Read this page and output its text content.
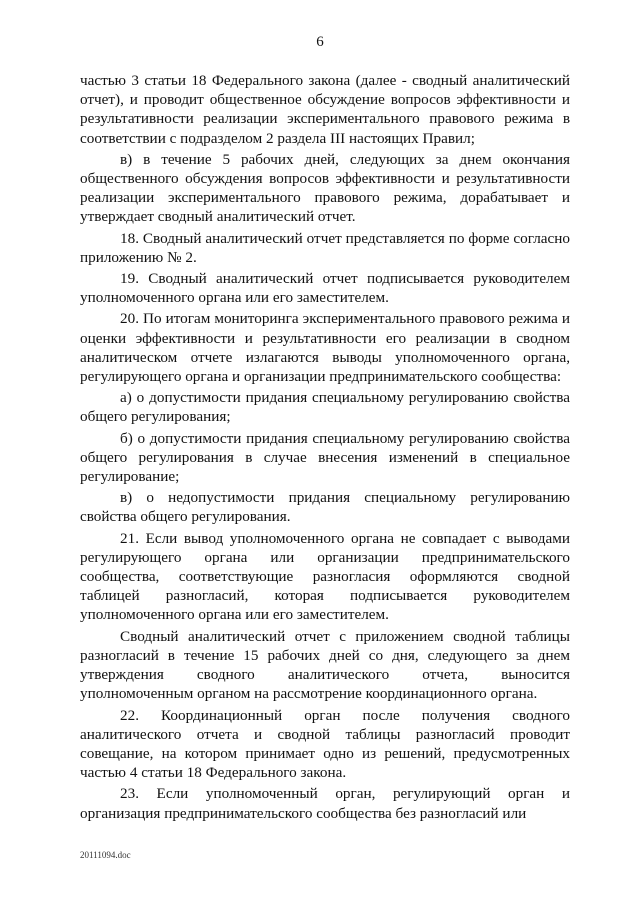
6

частью 3 статьи 18 Федерального закона (далее - сводный аналитический отчет), и проводит общественное обсуждение вопросов эффективности и результативности реализации экспериментального правового режима в соответствии с подразделом 2 раздела III настоящих Правил;

в) в течение 5 рабочих дней, следующих за днем окончания общественного обсуждения вопросов эффективности и результативности реализации экспериментального правового режима, дорабатывает и утверждает сводный аналитический отчет.

18. Сводный аналитический отчет представляется по форме согласно приложению № 2.

19. Сводный аналитический отчет подписывается руководителем уполномоченного органа или его заместителем.

20. По итогам мониторинга экспериментального правового режима и оценки эффективности и результативности его реализации в сводном аналитическом отчете излагаются выводы уполномоченного органа, регулирующего органа и организации предпринимательского сообщества:

а) о допустимости придания специальному регулированию свойства общего регулирования;

б) о допустимости придания специальному регулированию свойства общего регулирования в случае внесения изменений в специальное регулирование;

в) о недопустимости придания специальному регулированию свойства общего регулирования.

21. Если вывод уполномоченного органа не совпадает с выводами регулирующего органа или организации предпринимательского сообщества, соответствующие разногласия оформляются сводной таблицей разногласий, которая подписывается руководителем уполномоченного органа или его заместителем.

Сводный аналитический отчет с приложением сводной таблицы разногласий в течение 15 рабочих дней со дня, следующего за днем утверждения сводного аналитического отчета, выносится уполномоченным органом на рассмотрение координационного органа.

22. Координационный орган после получения сводного аналитического отчета и сводной таблицы разногласий проводит совещание, на котором принимает одно из решений, предусмотренных частью 4 статьи 18 Федерального закона.

23. Если уполномоченный орган, регулирующий орган и организация предпринимательского сообщества без разногласий или

20111094.doc
